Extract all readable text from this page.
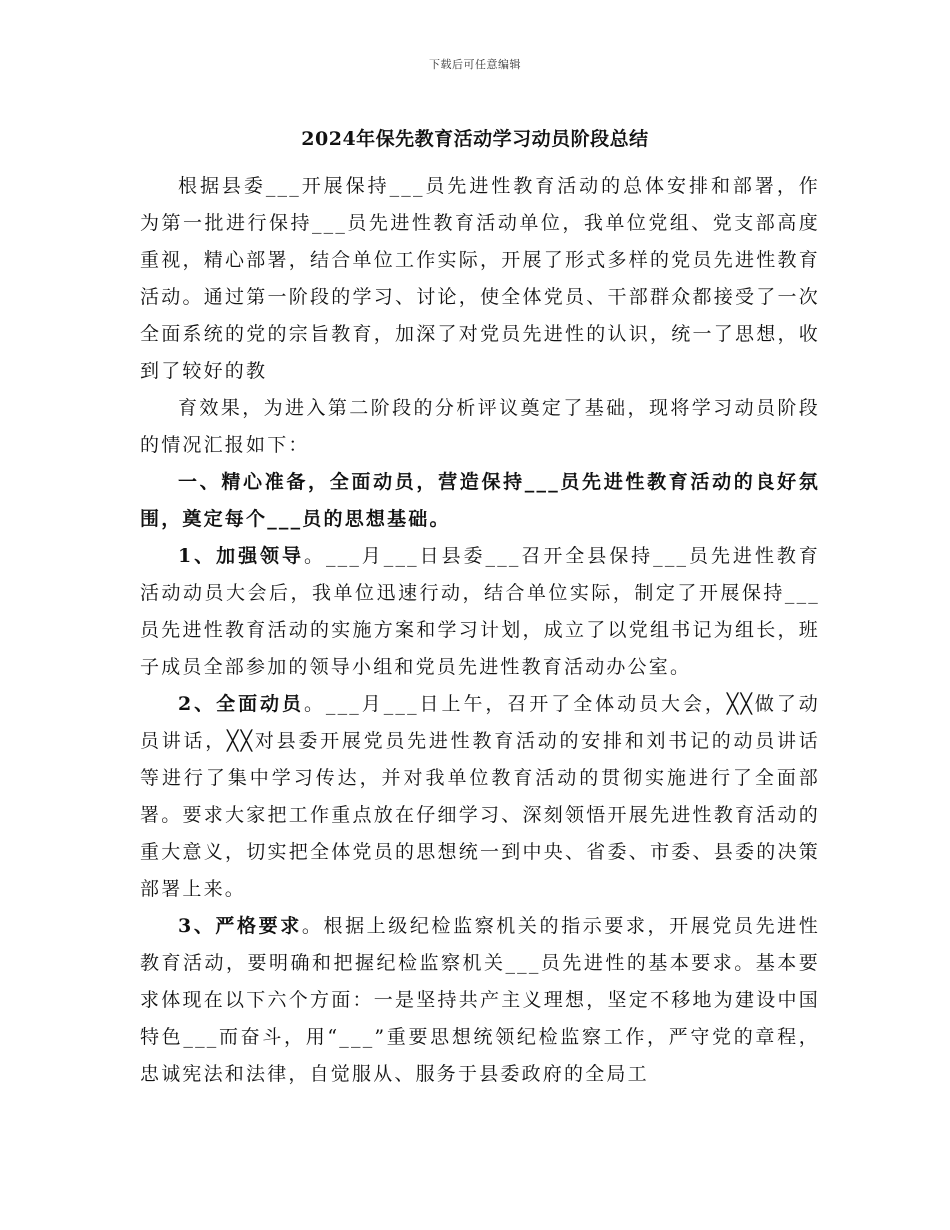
下载后可任意编辑
2024年保先教育活动学习动员阶段总结

根据县委___开展保持___员先进性教育活动的总体安排和部署，作为第一批进行保持___员先进性教育活动单位，我单位党组、党支部高度重视，精心部署，结合单位工作实际，开展了形式多样的党员先进性教育活动。通过第一阶段的学习、讨论，使全体党员、干部群众都接受了一次全面系统的党的宗旨教育，加深了对党员先进性的认识，统一了思想，收到了较好的教

育效果，为进入第二阶段的分析评议奠定了基础，现将学习动员阶段的情况汇报如下：

一、精心准备，全面动员，营造保持___员先进性教育活动的良好氛围，奠定每个___员的思想基础。

1、加强领导。___月___日县委___召开全县保持___员先进性教育活动动员大会后，我单位迅速行动，结合单位实际，制定了开展保持___员先进性教育活动的实施方案和学习计划，成立了以党组书记为组长，班子成员全部参加的领导小组和党员先进性教育活动办公室。

2、全面动员。___月___日上午，召开了全体动员大会，╳╳做了动员讲话，╳╳对县委开展党员先进性教育活动的安排和刘书记的动员讲话等进行了集中学习传达，并对我单位教育活动的贯彻实施进行了全面部署。要求大家把工作重点放在仔细学习、深刻领悟开展先进性教育活动的重大意义，切实把全体党员的思想统一到中央、省委、市委、县委的决策部署上来。

3、严格要求。根据上级纪检监察机关的指示要求，开展党员先进性教育活动，要明确和把握纪检监察机关___员先进性的基本要求。基本要求体现在以下六个方面：一是坚持共产主义理想，坚定不移地为建设中国特色___而奋斗，用“___”重要思想统领纪检监察工作，严守党的章程，忠诚宪法和法律，自觉服从、服务于县委政府的全局工
